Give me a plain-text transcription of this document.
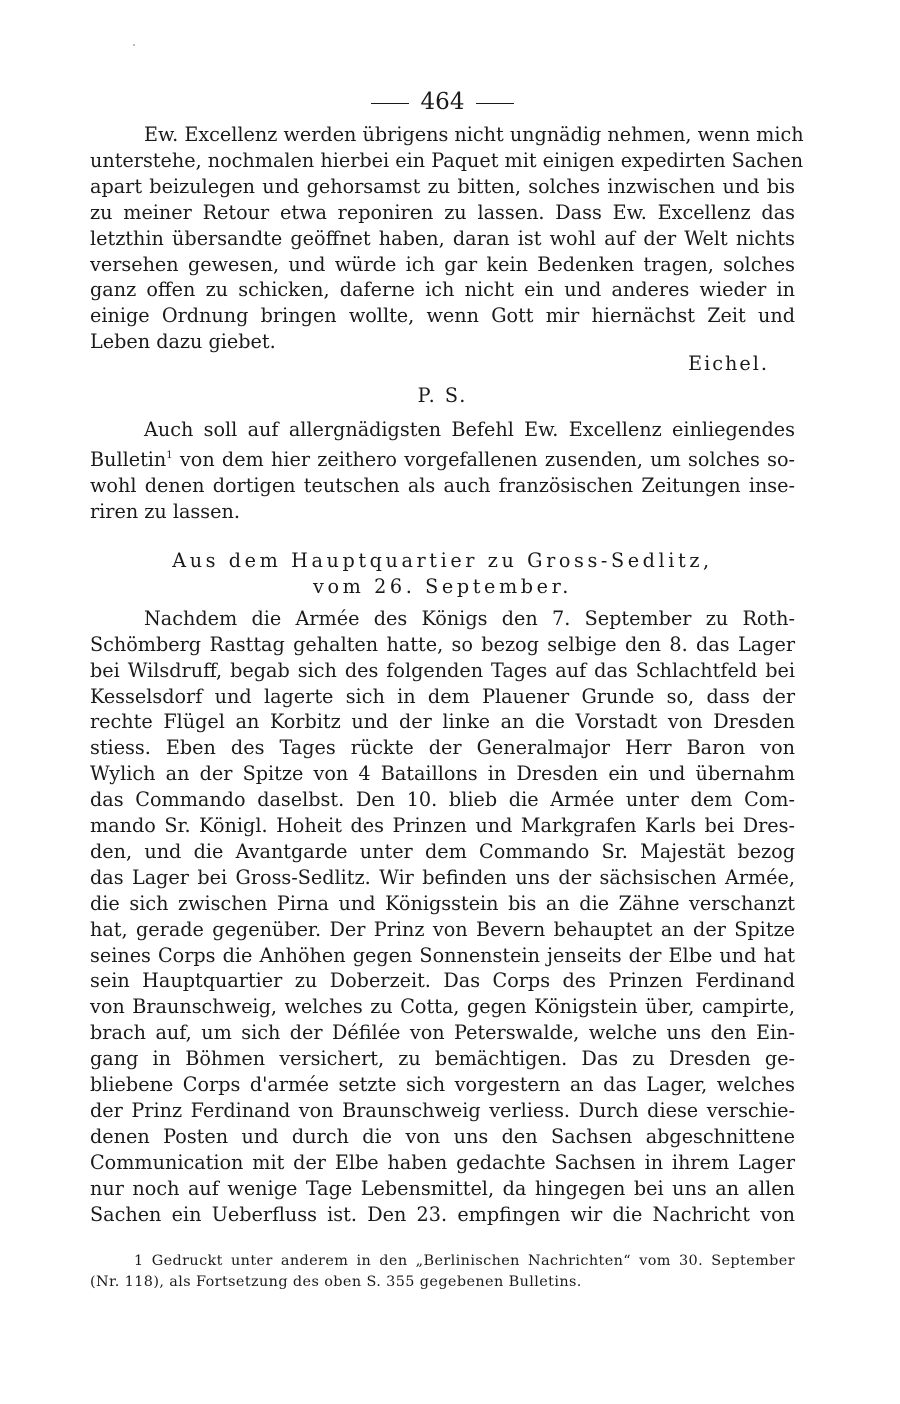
464
Ew. Excellenz werden übrigens nicht ungnädig nehmen, wenn mich
unterstehe, nochmalen hierbei ein Paquet mit einigen expedirten Sachen
apart beizulegen und gehorsamst zu bitten, solches inzwischen und bis
zu meiner Retour etwa reponiren zu lassen. Dass Ew. Excellenz das
letzthin übersandte geöffnet haben, daran ist wohl auf der Welt nichts
versehen gewesen, und würde ich gar kein Bedenken tragen, solches
ganz offen zu schicken, daferne ich nicht ein und anderes wieder in
einige Ordnung bringen wollte, wenn Gott mir hiernächst Zeit und
Leben dazu giebet.
Eichel.
P. S.
Auch soll auf allergnädigsten Befehl Ew. Excellenz einliegendes
Bulletin$^1$ von dem hier zeithero vorgefallenen zusenden, um solches so-
wohl denen dortigen teutschen als auch französischen Zeitungen inse-
riren zu lassen.
Aus dem Hauptquartier zu Gross-Sedlitz,
vom 26. September.
Nachdem die Armée des Königs den 7. September zu Roth-
Schömberg Rasttag gehalten hatte, so bezog selbige den 8. das Lager
bei Wilsdruff, begab sich des folgenden Tages auf das Schlachtfeld bei
Kesselsdorf und lagerte sich in dem Plauener Grunde so, dass der
rechte Flügel an Korbitz und der linke an die Vorstadt von Dresden
stiess. Eben des Tages rückte der Generalmajor Herr Baron von
Wylich an der Spitze von 4 Bataillons in Dresden ein und übernahm
das Commando daselbst. Den 10. blieb die Armée unter dem Com-
mando Sr. Königl. Hoheit des Prinzen und Markgrafen Karls bei Dres-
den, und die Avantgarde unter dem Commando Sr. Majestät bezog
das Lager bei Gross-Sedlitz. Wir befinden uns der sächsischen Armée,
die sich zwischen Pirna und Königsstein bis an die Zähne verschanzt
hat, gerade gegenüber. Der Prinz von Bevern behauptet an der Spitze
seines Corps die Anhöhen gegen Sonnenstein jenseits der Elbe und hat
sein Hauptquartier zu Doberzeit. Das Corps des Prinzen Ferdinand
von Braunschweig, welches zu Cotta, gegen Königstein über, campirte,
brach auf, um sich der Défilée von Peterswalde, welche uns den Ein-
gang in Böhmen versichert, zu bemächtigen. Das zu Dresden ge-
bliebene Corps d'armée setzte sich vorgestern an das Lager, welches
der Prinz Ferdinand von Braunschweig verliess. Durch diese verschie-
denen Posten und durch die von uns den Sachsen abgeschnittene
Communication mit der Elbe haben gedachte Sachsen in ihrem Lager
nur noch auf wenige Tage Lebensmittel, da hingegen bei uns an allen
Sachen ein Ueberfluss ist. Den 23. empfingen wir die Nachricht von
1 Gedruckt unter anderem in den „Berlinischen Nachrichten“ vom 30. September
(Nr. 118), als Fortsetzung des oben S. 355 gegebenen Bulletins.
